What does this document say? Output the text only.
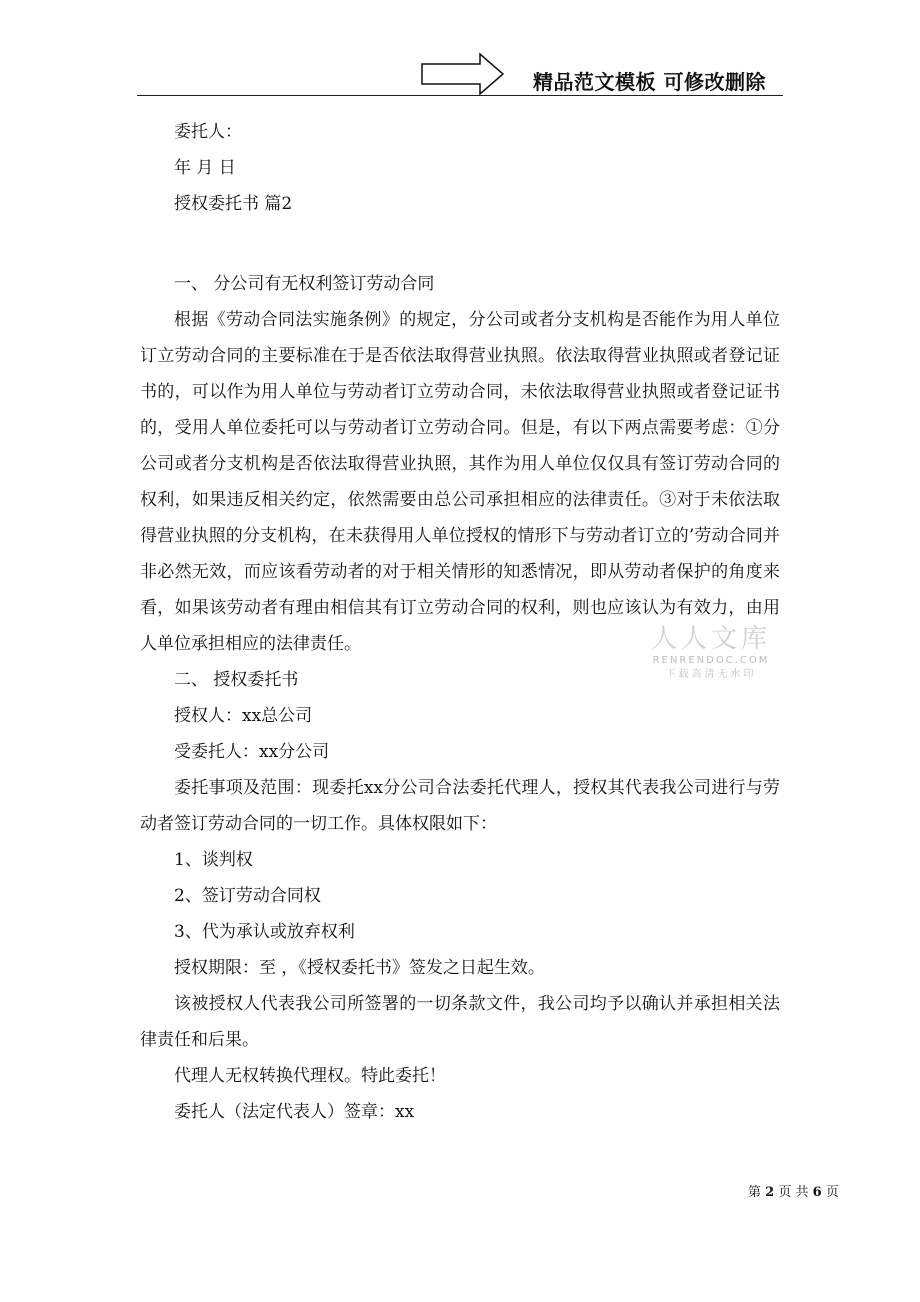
精品范文模板 可修改删除
委托人：
年 月 日
授权委托书 篇2
一、 分公司有无权利签订劳动合同
根据《劳动合同法实施条例》的规定，分公司或者分支机构是否能作为用人单位订立劳动合同的主要标准在于是否依法取得营业执照。依法取得营业执照或者登记证书的，可以作为用人单位与劳动者订立劳动合同，未依法取得营业执照或者登记证书的，受用人单位委托可以与劳动者订立劳动合同。但是，有以下两点需要考虑：①分公司或者分支机构是否依法取得营业执照，其作为用人单位仅仅具有签订劳动合同的权利，如果违反相关约定，依然需要由总公司承担相应的法律责任。③对于未依法取得营业执照的分支机构，在未获得用人单位授权的情形下与劳动者订立的’劳动合同并非必然无效，而应该看劳动者的对于相关情形的知悉情况，即从劳动者保护的角度来看，如果该劳动者有理由相信其有订立劳动合同的权利，则也应该认为有效力，由用人单位承担相应的法律责任。
二、 授权委托书
授权人：xx总公司
受委托人：xx分公司
委托事项及范围：现委托xx分公司合法委托代理人，授权其代表我公司进行与劳动者签订劳动合同的一切工作。具体权限如下：
1、谈判权
2、签订劳动合同权
3、代为承认或放弃权利
授权期限：至 ，《授权委托书》签发之日起生效。
该被授权人代表我公司所签署的一切条款文件，我公司均予以确认并承担相关法律责任和后果。
代理人无权转换代理权。特此委托！
委托人（法定代表人）签章：xx
人人文库
RENRENDOC.COM
下载高清无水印
第 2 页 共 6 页
